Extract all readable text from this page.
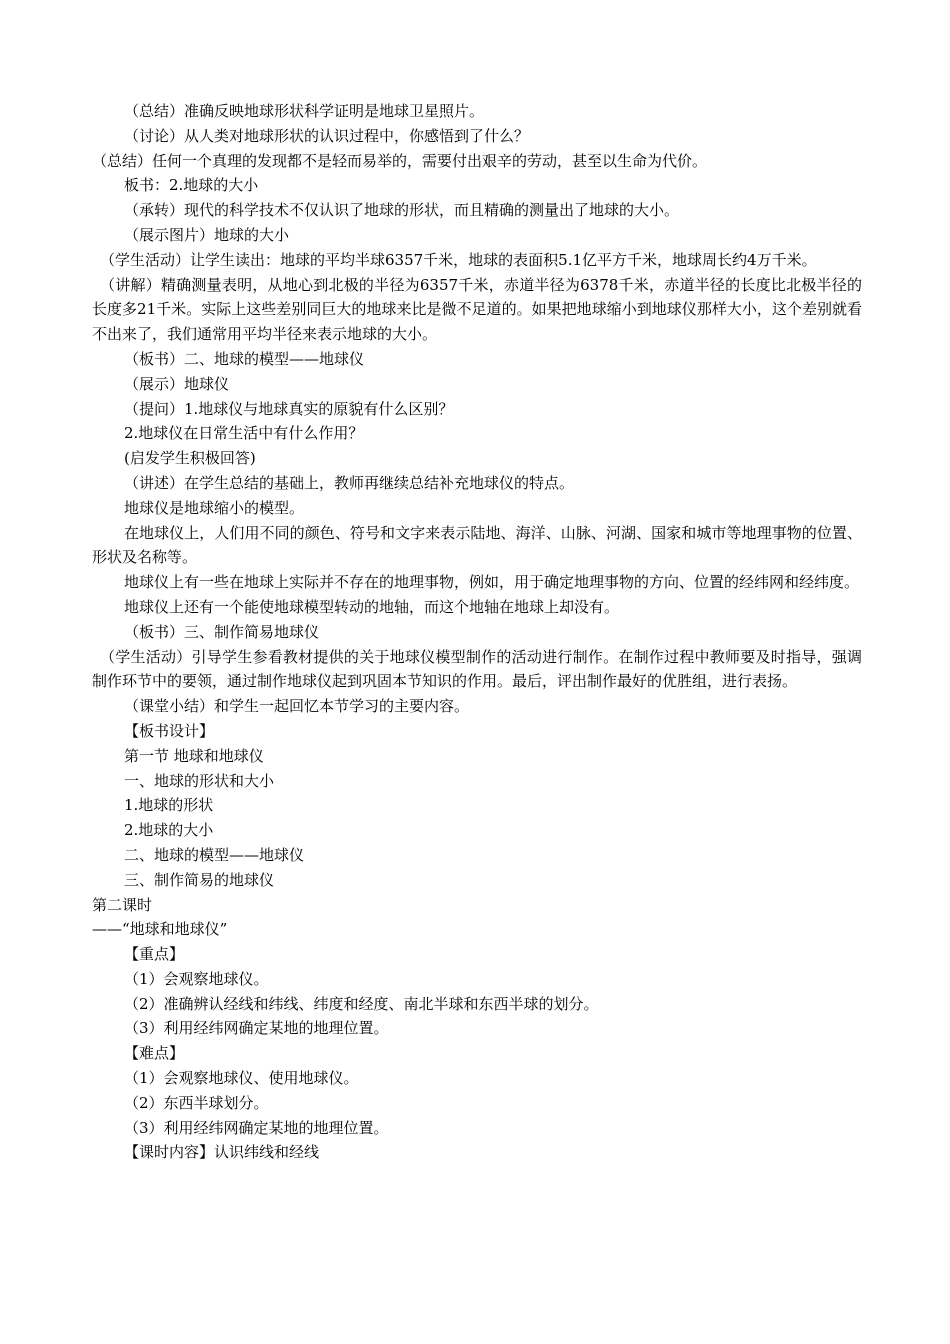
（总结）准确反映地球形状科学证明是地球卫星照片。

（讨论）从人类对地球形状的认识过程中，你感悟到了什么？

（总结）任何一个真理的发现都不是轻而易举的，需要付出艰辛的劳动，甚至以生命为代价。

板书：2.地球的大小

（承转）现代的科学技术不仅认识了地球的形状，而且精确的测量出了地球的大小。

（展示图片）地球的大小

（学生活动）让学生读出：地球的平均半球6357千米，地球的表面积5.1亿平方千米，地球周长约4万千米。

（讲解）精确测量表明，从地心到北极的半径为6357千米，赤道半径为6378千米，赤道半径的长度比北极半径的长度多21千米。实际上这些差别同巨大的地球来比是微不足道的。如果把地球缩小到地球仪那样大小，这个差别就看不出来了，我们通常用平均半径来表示地球的大小。

（板书）二、地球的模型——地球仪

（展示）地球仪

（提问）1.地球仪与地球真实的原貌有什么区别？

2.地球仪在日常生活中有什么作用？

(启发学生积极回答)

（讲述）在学生总结的基础上，教师再继续总结补充地球仪的特点。

地球仪是地球缩小的模型。

在地球仪上，人们用不同的颜色、符号和文字来表示陆地、海洋、山脉、河湖、国家和城市等地理事物的位置、形状及名称等。

地球仪上有一些在地球上实际并不存在的地理事物，例如，用于确定地理事物的方向、位置的经纬网和经纬度。

地球仪上还有一个能使地球模型转动的地轴，而这个地轴在地球上却没有。

（板书）三、制作简易地球仪

（学生活动）引导学生参看教材提供的关于地球仪模型制作的活动进行制作。在制作过程中教师要及时指导，强调制作环节中的要领，通过制作地球仪起到巩固本节知识的作用。最后，评出制作最好的优胜组，进行表扬。

（课堂小结）和学生一起回忆本节学习的主要内容。

【板书设计】

第一节 地球和地球仪

一、地球的形状和大小

1.地球的形状

2.地球的大小

二、地球的模型——地球仪

三、制作简易的地球仪

第二课时

——“地球和地球仪”

【重点】

（1）会观察地球仪。

（2）准确辨认经线和纬线、纬度和经度、南北半球和东西半球的划分。

（3）利用经纬网确定某地的地理位置。

【难点】

（1）会观察地球仪、使用地球仪。

（2）东西半球划分。

（3）利用经纬网确定某地的地理位置。

【课时内容】认识纬线和经线
